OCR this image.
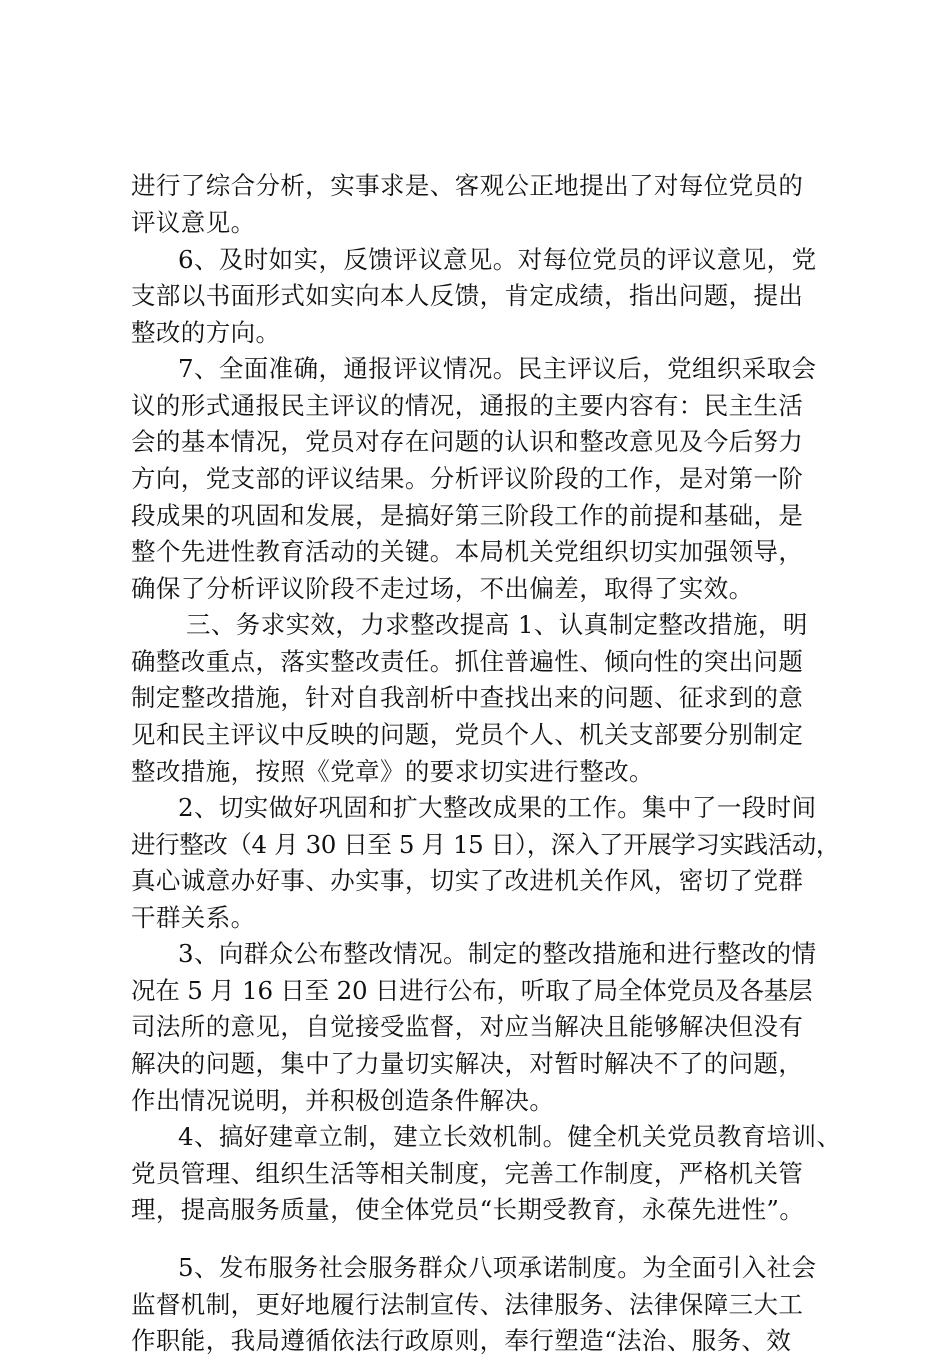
进行了综合分析，实事求是、客观公正地提出了对每位党员的
评议意见。
6、及时如实，反馈评议意见。对每位党员的评议意见，党
支部以书面形式如实向本人反馈，肯定成绩，指出问题，提出
整改的方向。
7、全面准确，通报评议情况。民主评议后，党组织采取会
议的形式通报民主评议的情况，通报的主要内容有：民主生活
会的基本情况，党员对存在问题的认识和整改意见及今后努力
方向，党支部的评议结果。分析评议阶段的工作，是对第一阶
段成果的巩固和发展，是搞好第三阶段工作的前提和基础，是
整个先进性教育活动的关键。本局机关党组织切实加强领导，
确保了分析评议阶段不走过场，不出偏差，取得了实效。
三、务求实效，力求整改提高 1、认真制定整改措施，明
确整改重点，落实整改责任。抓住普遍性、倾向性的突出问题
制定整改措施，针对自我剖析中查找出来的问题、征求到的意
见和民主评议中反映的问题，党员个人、机关支部要分别制定
整改措施，按照《党章》的要求切实进行整改。
2、切实做好巩固和扩大整改成果的工作。集中了一段时间
进行整改（4 月 30 日至 5 月 15 日），深入了开展学习实践活动，
真心诚意办好事、办实事，切实了改进机关作风，密切了党群
干群关系。
3、向群众公布整改情况。制定的整改措施和进行整改的情
况在 5 月 16 日至 20 日进行公布，听取了局全体党员及各基层
司法所的意见，自觉接受监督，对应当解决且能够解决但没有
解决的问题，集中了力量切实解决，对暂时解决不了的问题，
作出情况说明，并积极创造条件解决。
4、搞好建章立制，建立长效机制。健全机关党员教育培训、
党员管理、组织生活等相关制度，完善工作制度，严格机关管
理，提高服务质量，使全体党员“长期受教育，永葆先进性”。
5、发布服务社会服务群众八项承诺制度。为全面引入社会
监督机制，更好地履行法制宣传、法律服务、法律保障三大工
作职能，我局遵循依法行政原则，奉行塑造“法治、服务、效
